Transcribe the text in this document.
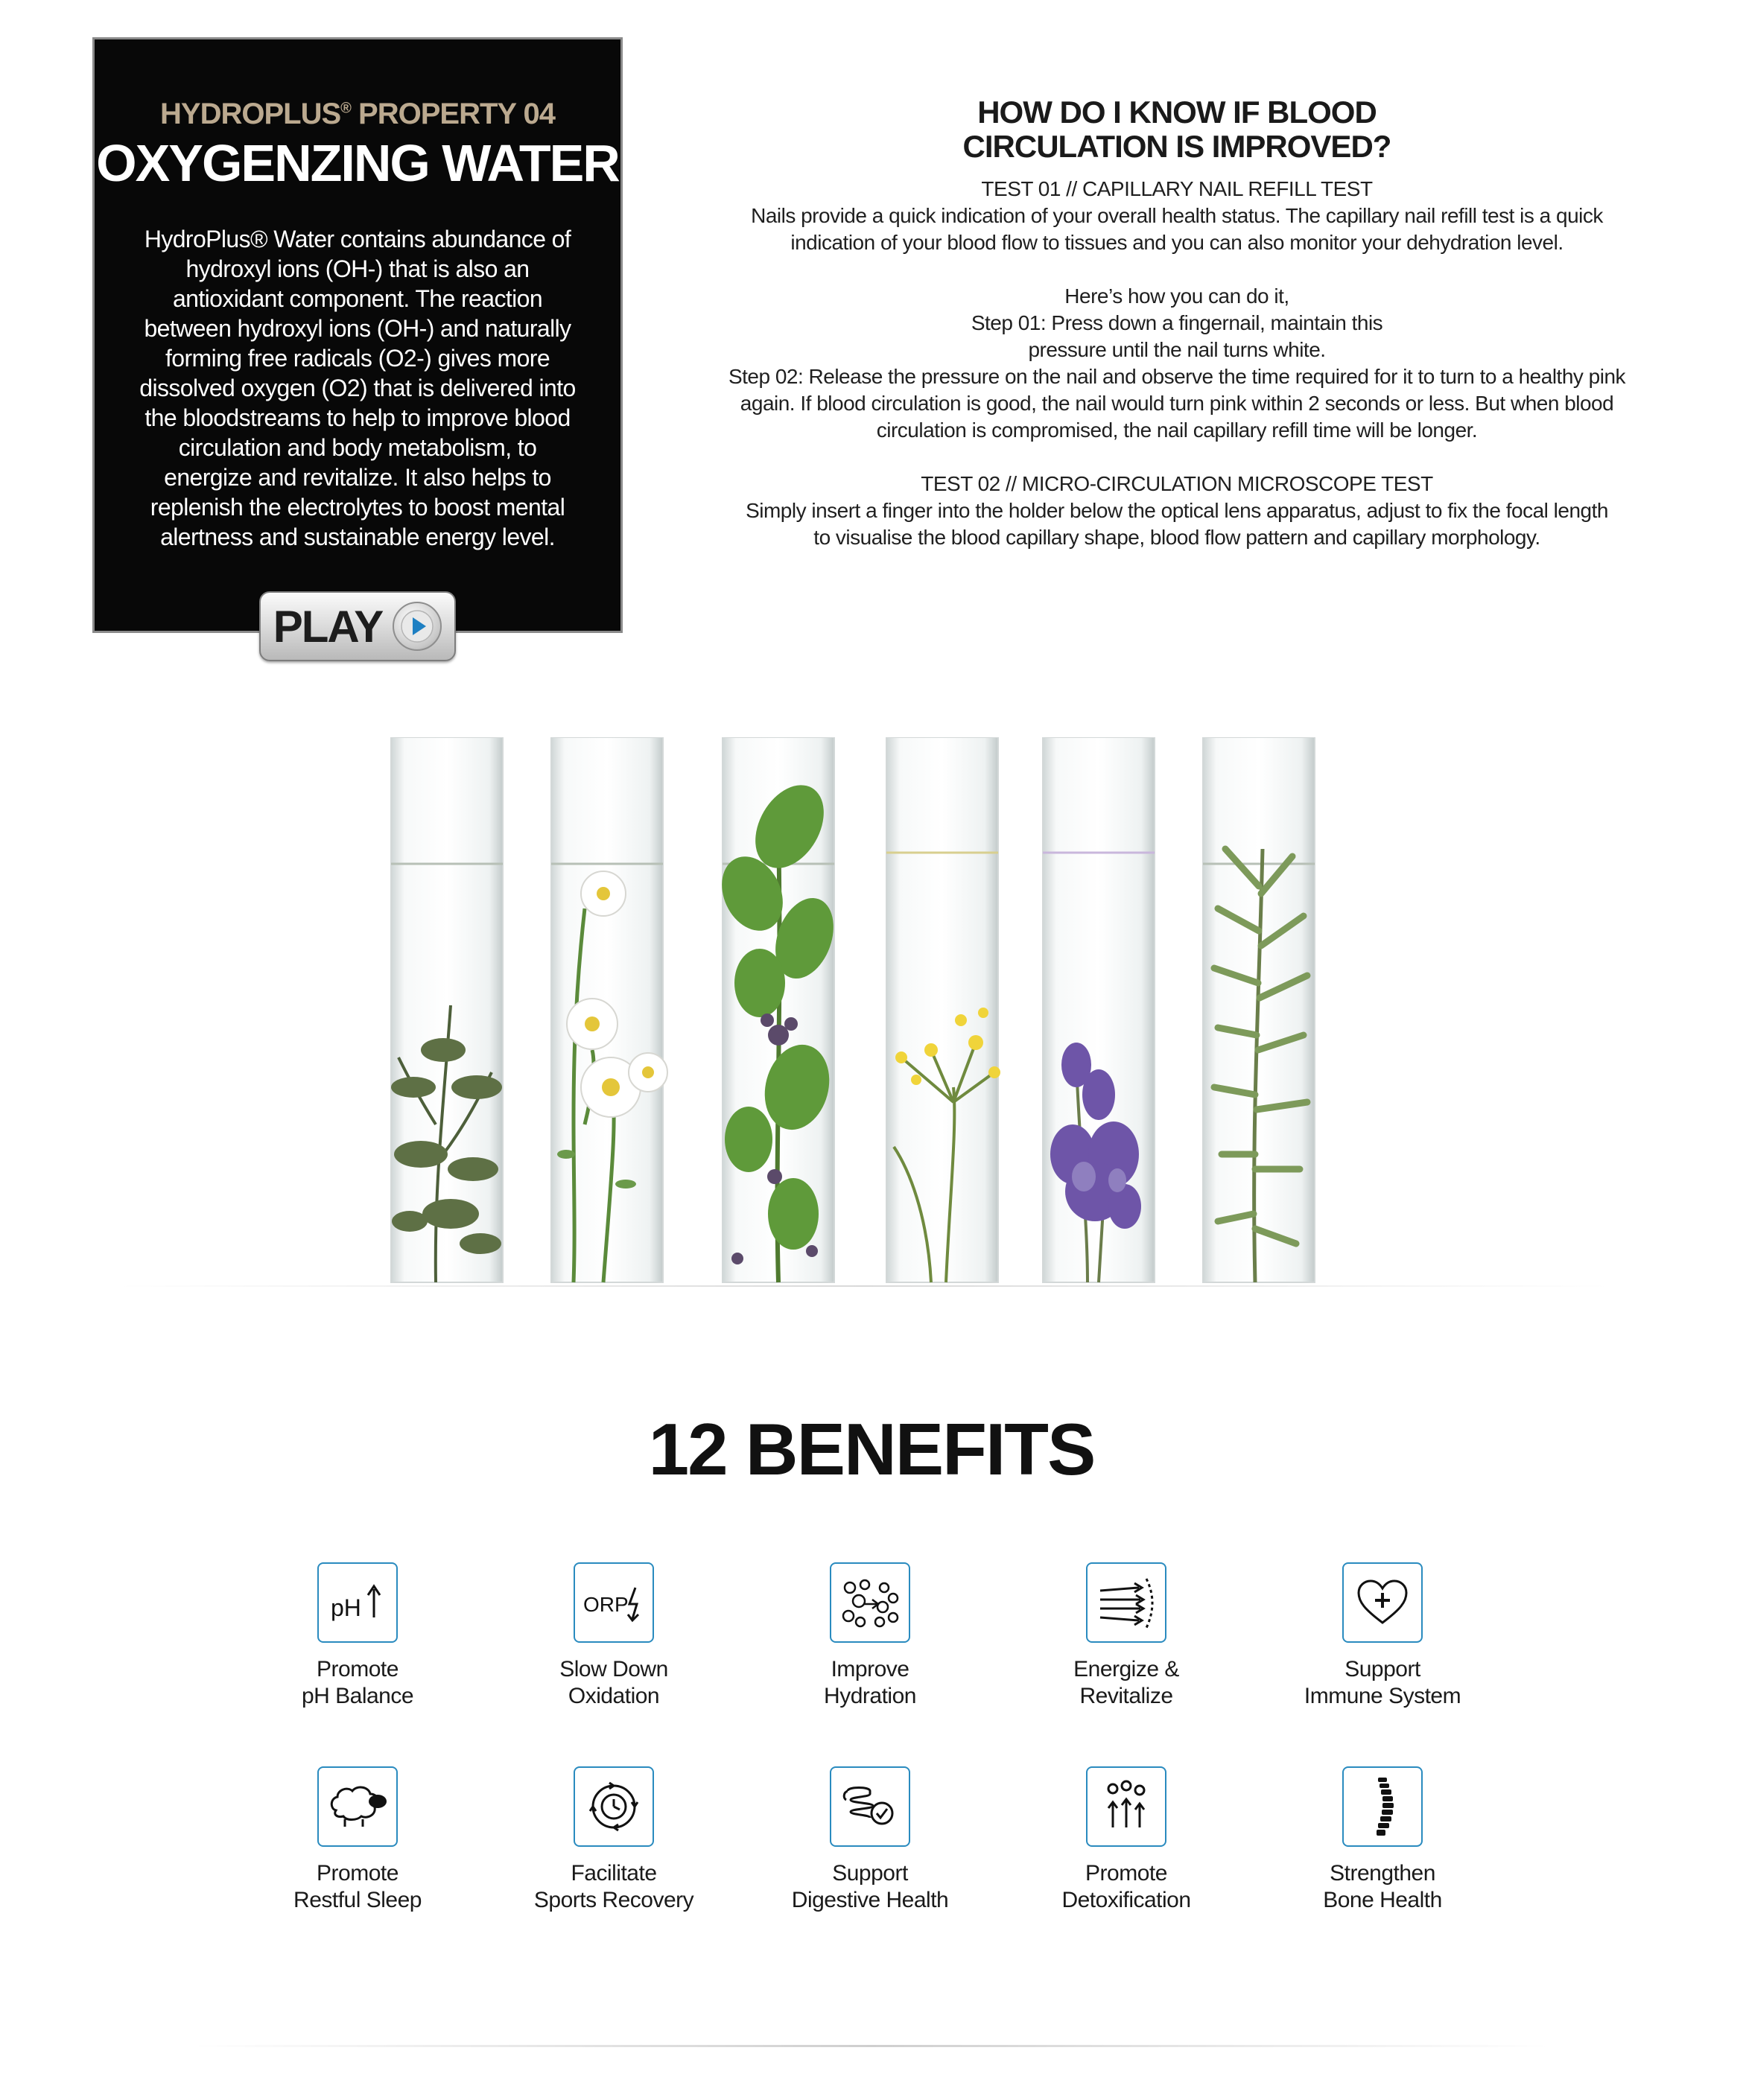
HYDROPLUS® PROPERTY 04
OXYGENZING WATER
HydroPlus® Water contains abundance of hydroxyl ions (OH-) that is also an antioxidant component. The reaction between hydroxyl ions (OH-) and naturally forming free radicals (O2-) gives more dissolved oxygen (O2) that is delivered into the bloodstreams to help to improve blood circulation and body metabolism, to energize and revitalize. It also helps to replenish the electrolytes to boost mental alertness and sustainable energy level.
PLAY
HOW DO I KNOW IF BLOOD
CIRCULATION IS IMPROVED?
TEST 01 // CAPILLARY NAIL REFILL TEST
Nails provide a quick indication of your overall health status. The capillary nail refill test is a quick indication of your blood flow to tissues and you can also monitor your dehydration level.
Here’s how you can do it,
Step 01: Press down a fingernail, maintain this
pressure until the nail turns white.
Step 02: Release the pressure on the nail and observe the time required for it to turn to a healthy pink again. If blood circulation is good, the nail would turn pink within 2 seconds or less. But when blood circulation is compromised, the nail capillary refill time will be longer.
TEST 02 // MICRO-CIRCULATION MICROSCOPE TEST
Simply insert a finger into the holder below the optical lens apparatus, adjust to fix the focal length to visualise the blood capillary shape, blood flow pattern and capillary morphology.
12 BENEFITS
pH
Promote
pH Balance
ORP
Slow Down
Oxidation
Improve
Hydration
Energize &
Revitalize
Support
Immune System
Promote
Restful Sleep
Facilitate
Sports Recovery
Support
Digestive Health
Promote
Detoxification
Strengthen
Bone Health
